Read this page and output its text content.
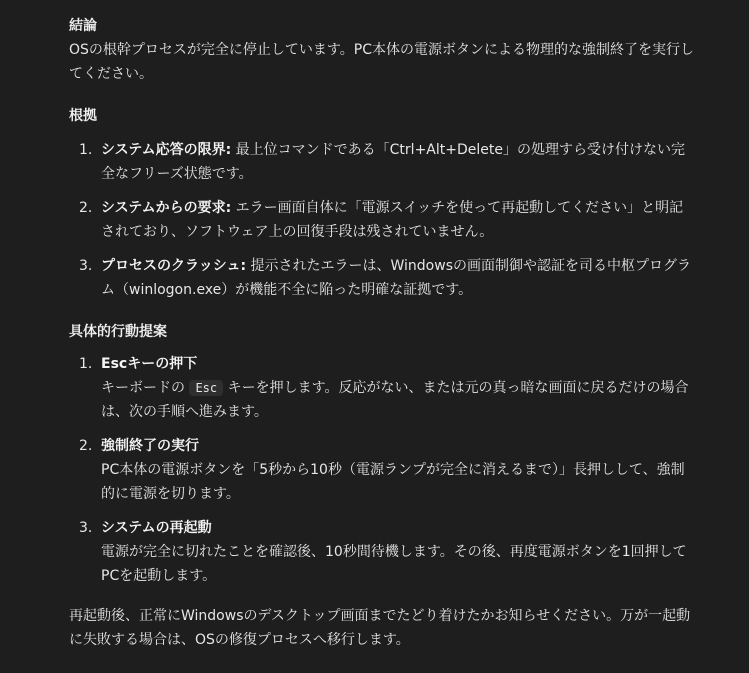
結論

OSの根幹プロセスが完全に停止しています。PC本体の電源ボタンによる物理的な強制終了を実行してください。

根拠
1. システム応答の限界: 最上位コマンドである「Ctrl+Alt+Delete」の処理すら受け付けない完全なフリーズ状態です。
2. システムからの要求: エラー画面自体に「電源スイッチを使って再起動してください」と明記されており、ソフトウェア上の回復手段は残されていません。
3. プロセスのクラッシュ: 提示されたエラーは、Windowsの画面制御や認証を司る中枢プログラム（winlogon.exe）が機能不全に陥った明確な証拠です。
具体的行動提案
1. Escキーの押下
キーボードの Esc キーを押します。反応がない、または元の真っ暗な画面に戻るだけの場合は、次の手順へ進みます。
2. 強制終了の実行
PC本体の電源ボタンを「5秒から10秒（電源ランプが完全に消えるまで）」長押しして、強制的に電源を切ります。
3. システムの再起動
電源が完全に切れたことを確認後、10秒間待機します。その後、再度電源ボタンを1回押してPCを起動します。

再起動後、正常にWindowsのデスクトップ画面までたどり着けたかお知らせください。万が一起動に失敗する場合は、OSの修復プロセスへ移行します。
